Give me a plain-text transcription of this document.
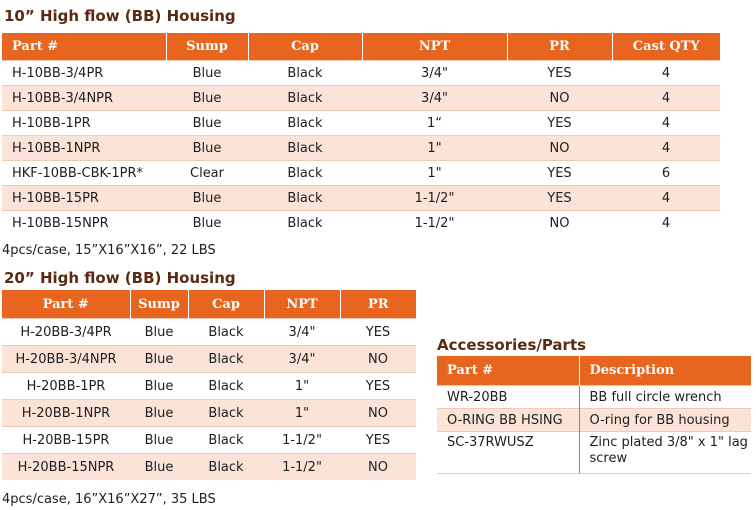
10” High flow (BB) Housing
Part #	Sump	Cap	NPT	PR	Cast QTY
H-10BB-3/4PR	Blue	Black	3/4"	YES	4
H-10BB-3/4NPR	Blue	Black	3/4"	NO	4
H-10BB-1PR	Blue	Black	1“	YES	4
H-10BB-1NPR	Blue	Black	1"	NO	4
HKF-10BB-CBK-1PR*	Clear	Black	1"	YES	6
H-10BB-15PR	Blue	Black	1-1/2"	YES	4
H-10BB-15NPR	Blue	Black	1-1/2"	NO	4

4pcs/case, 15”X16”X16”, 22 LBS

20” High flow (BB) Housing
Part #	Sump	Cap	NPT	PR
H-20BB-3/4PR	Blue	Black	3/4"	YES
H-20BB-3/4NPR	Blue	Black	3/4"	NO
H-20BB-1PR	Blue	Black	1"	YES
H-20BB-1NPR	Blue	Black	1"	NO
H-20BB-15PR	Blue	Black	1-1/2"	YES
H-20BB-15NPR	Blue	Black	1-1/2"	NO

4pcs/case, 16”X16”X27”, 35 LBS

Accessories/Parts
Part #	Description
WR-20BB	BB full circle wrench
O-RING BB HSING	O-ring for BB housing
SC-37RWUSZ	Zinc plated 3/8" x 1" lag screw
